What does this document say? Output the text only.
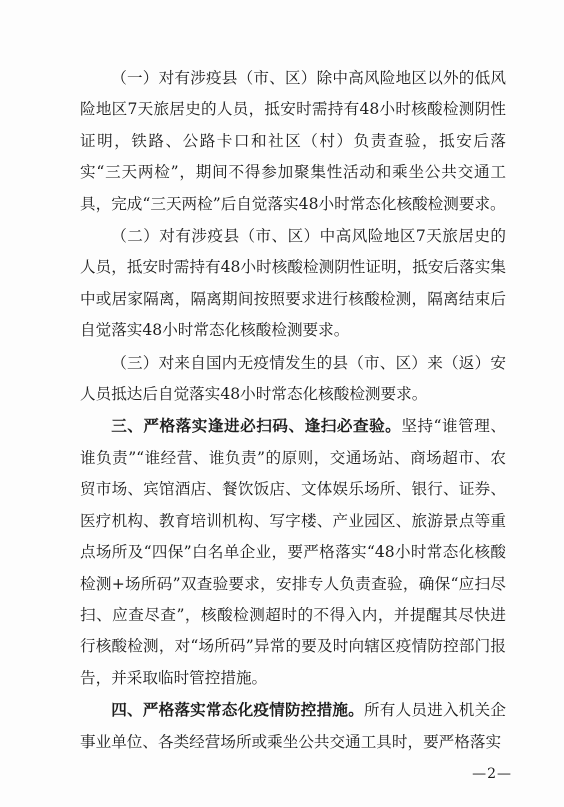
（一）对有涉疫县（市、区）除中高风险地区以外的低风险地区7天旅居史的人员，抵安时需持有48小时核酸检测阴性证明，铁路、公路卡口和社区（村）负责查验，抵安后落实“三天两检”，期间不得参加聚集性活动和乘坐公共交通工具，完成“三天两检”后自觉落实48小时常态化核酸检测要求。

（二）对有涉疫县（市、区）中高风险地区7天旅居史的人员，抵安时需持有48小时核酸检测阴性证明，抵安后落实集中或居家隔离，隔离期间按照要求进行核酸检测，隔离结束后自觉落实48小时常态化核酸检测要求。

（三）对来自国内无疫情发生的县（市、区）来（返）安人员抵达后自觉落实48小时常态化核酸检测要求。

三、严格落实逢进必扫码、逢扫必查验。坚持“谁管理、谁负责”“谁经营、谁负责”的原则，交通场站、商场超市、农贸市场、宾馆酒店、餐饮饭店、文体娱乐场所、银行、证券、医疗机构、教育培训机构、写字楼、产业园区、旅游景点等重点场所及“四保”白名单企业，要严格落实“48小时常态化核酸检测+场所码”双查验要求，安排专人负责查验，确保“应扫尽扫、应查尽查”，核酸检测超时的不得入内，并提醒其尽快进行核酸检测，对“场所码”异常的要及时向辖区疫情防控部门报告，并采取临时管控措施。

四、严格落实常态化疫情防控措施。所有人员进入机关企事业单位、各类经营场所或乘坐公共交通工具时，要严格落实

—2—
